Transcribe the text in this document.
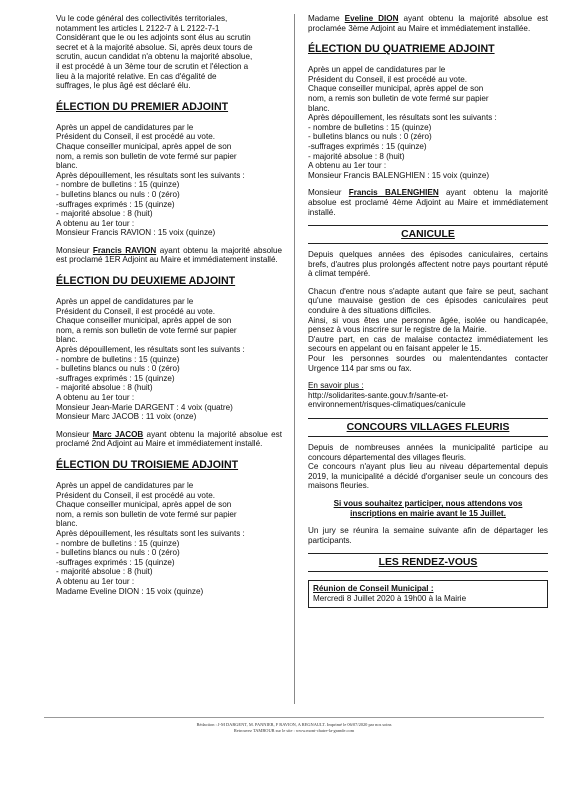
Vu le code général des collectivités territoriales,
notamment les articles L 2122-7 à L 2122-7-1
Considérant que le ou les adjoints sont élus au scrutin
secret et à la majorité absolue. Si, après deux tours de
scrutin, aucun candidat n'a obtenu la majorité absolue,
il est procédé à un 3ème tour de scrutin et l'élection a
lieu à la majorité relative. En cas d'égalité de
suffrages, le plus âgé est déclaré élu.

ÉLECTION DU PREMIER ADJOINT

Après un appel de candidatures par le
Président du Conseil, il est procédé au vote.
Chaque conseiller municipal, après appel de son
nom, a remis son bulletin de vote fermé sur papier
blanc.
Après dépouillement, les résultats sont les suivants :
- nombre de bulletins : 15 (quinze)
- bulletins blancs ou nuls : 0 (zéro)
-suffrages exprimés : 15 (quinze)
- majorité absolue : 8 (huit)
A obtenu au 1er tour :
Monsieur Francis RAVION : 15 voix (quinze)

Monsieur Francis RAVION ayant obtenu la majorité absolue est proclamé 1ER Adjoint au Maire et immédiatement installé.

ÉLECTION DU DEUXIEME ADJOINT

Après un appel de candidatures par le
Président du Conseil, il est procédé au vote.
Chaque conseiller municipal, après appel de son
nom, a remis son bulletin de vote fermé sur papier
blanc.
Après dépouillement, les résultats sont les suivants :
- nombre de bulletins : 15 (quinze)
- bulletins blancs ou nuls : 0 (zéro)
-suffrages exprimés : 15 (quinze)
- majorité absolue : 8 (huit)
A obtenu au 1er tour :
Monsieur Jean-Marie DARGENT : 4 voix (quatre)
Monsieur Marc JACOB : 11 voix (onze)

Monsieur Marc JACOB ayant obtenu la majorité absolue est proclamé 2nd Adjoint au Maire et immédiatement installé.

ÉLECTION DU TROISIEME ADJOINT

Après un appel de candidatures par le
Président du Conseil, il est procédé au vote.
Chaque conseiller municipal, après appel de son
nom, a remis son bulletin de vote fermé sur papier
blanc.
Après dépouillement, les résultats sont les suivants :
- nombre de bulletins : 15 (quinze)
- bulletins blancs ou nuls : 0 (zéro)
-suffrages exprimés : 15 (quinze)
- majorité absolue : 8 (huit)
A obtenu au 1er tour :
Madame Eveline DION : 15 voix (quinze)

Madame Eveline DION ayant obtenu la majorité absolue est proclamée 3ème Adjoint au Maire et immédiatement installée.

ÉLECTION DU QUATRIEME ADJOINT

Après un appel de candidatures par le
Président du Conseil, il est procédé au vote.
Chaque conseiller municipal, après appel de son
nom, a remis son bulletin de vote fermé sur papier
blanc.
Après dépouillement, les résultats sont les suivants :
- nombre de bulletins : 15 (quinze)
- bulletins blancs ou nuls : 0 (zéro)
-suffrages exprimés : 15 (quinze)
- majorité absolue : 8 (huit)
A obtenu au 1er tour :
Monsieur Francis BALENGHIEN : 15 voix (quinze)

Monsieur Francis BALENGHIEN ayant obtenu la majorité absolue est proclamé 4ème Adjoint au Maire et immédiatement installé.

CANICULE

Depuis quelques années des épisodes caniculaires, certains brefs, d'autres plus prolongés affectent notre pays pourtant réputé à climat tempéré.

Chacun d'entre nous s'adapte autant que faire se peut, sachant qu'une mauvaise gestion de ces épisodes caniculaires peut conduire à des situations difficiles.

Ainsi, si vous êtes une personne âgée, isolée ou handicapée, pensez à vous inscrire sur le registre de la Mairie.

D'autre part, en cas de malaise contactez immédiatement les secours en appelant ou en faisant appeler le 15.

Pour les personnes sourdes ou malentendantes contacter Urgence 114 par sms ou fax.

En savoir plus :
http://solidarites-sante.gouv.fr/sante-et-
environnement/risques-climatiques/canicule

CONCOURS VILLAGES FLEURIS

Depuis de nombreuses années la municipalité participe au concours départemental des villages fleuris.

Ce concours n'ayant plus lieu au niveau départemental depuis 2019, la municipalité a décidé d'organiser seule un concours des maisons fleuries.

Si vous souhaitez participer, nous attendons vos
inscriptions en mairie avant le 15 Juillet.

Un jury se réunira la semaine suivante afin de départager les participants.

LES RENDEZ-VOUS
Réunion de Conseil Municipal :
Mercredi 8 Juillet 2020 à 19h00 à la Mairie
Rédaction : J-M DARGENT, M. PANNIER, F RAVION, A REGNAULT. Imprimé le 06/07/2020 par nos soins
Retrouvez TAMBOUR sur le site : www.mont-chatre-la-grande.com
